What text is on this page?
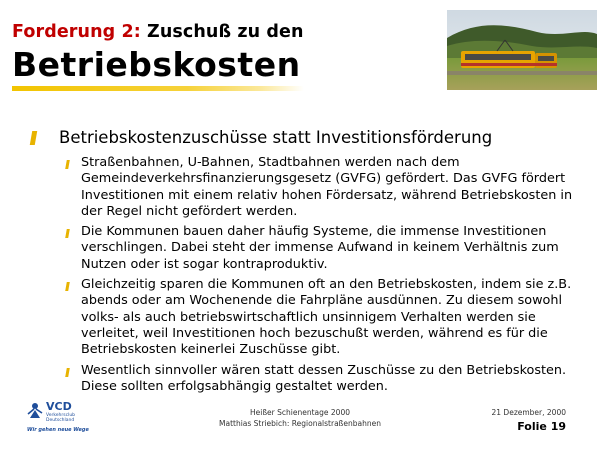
Forderung 2: Zuschuß zu den
Betriebskosten
Betriebskostenzuschüsse statt Investitionsförderung
Straßenbahnen, U-Bahnen, Stadtbahnen werden nach dem Gemeindeverkehrsfinanzierungsgesetz (GVFG) gefördert. Das GVFG fördert Investitionen mit einem relativ hohen Fördersatz, während Betriebskosten in der Regel nicht gefördert werden.
Die Kommunen bauen daher häufig Systeme, die immense Investitionen verschlingen. Dabei steht der immense Aufwand in keinem Verhältnis zum Nutzen oder ist sogar kontraproduktiv.
Gleichzeitig sparen die Kommunen oft an den Betriebskosten, indem sie z.B. abends oder am Wochenende die Fahrpläne ausdünnen. Zu diesem sowohl volks- als auch betriebswirtschaftlich unsinnigem Verhalten werden sie verleitet, weil Investitionen hoch bezuschußt werden, während es für die Betriebskosten keinerlei Zuschüsse gibt.
Wesentlich sinnvoller wären statt dessen Zuschüsse zu den Betriebskosten. Diese sollten erfolgsabhängig gestaltet werden.
VCD
Verkehrsclub
Deutschland
Wir gehen neue Wege
Heißer Schienentage 2000
Matthias Striebich: Regionalstraßenbahnen
21 Dezember, 2000
Folie 19
